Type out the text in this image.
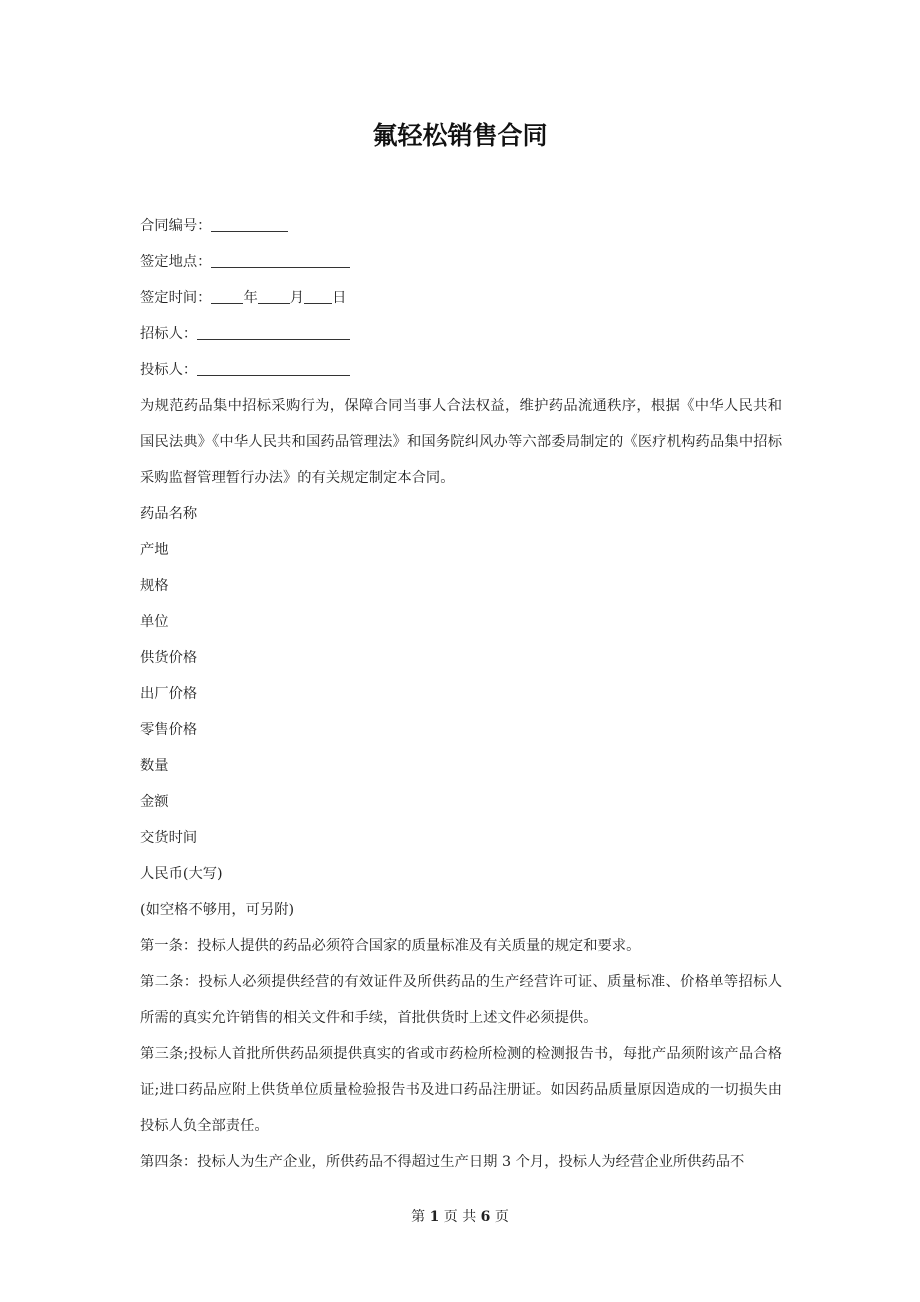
氟轻松销售合同

合同编号：

签定地点：

签定时间： 年 月 日

招标人：

投标人：

为规范药品集中招标采购行为，保障合同当事人合法权益，维护药品流通秩序，根据《中华人民共和国民法典》《中华人民共和国药品管理法》和国务院纠风办等六部委局制定的《医疗机构药品集中招标采购监督管理暂行办法》的有关规定制定本合同。

药品名称

产地

规格

单位

供货价格

出厂价格

零售价格

数量

金额

交货时间

人民币(大写)

(如空格不够用，可另附)

第一条：投标人提供的药品必须符合国家的质量标准及有关质量的规定和要求。

第二条：投标人必须提供经营的有效证件及所供药品的生产经营许可证、质量标准、价格单等招标人所需的真实允许销售的相关文件和手续，首批供货时上述文件必须提供。

第三条;投标人首批所供药品须提供真实的省或市药检所检测的检测报告书，每批产品须附该产品合格证;进口药品应附上供货单位质量检验报告书及进口药品注册证。如因药品质量原因造成的一切损失由投标人负全部责任。

第四条：投标人为生产企业，所供药品不得超过生产日期 3 个月，投标人为经营企业所供药品不

第 1 页 共 6 页
